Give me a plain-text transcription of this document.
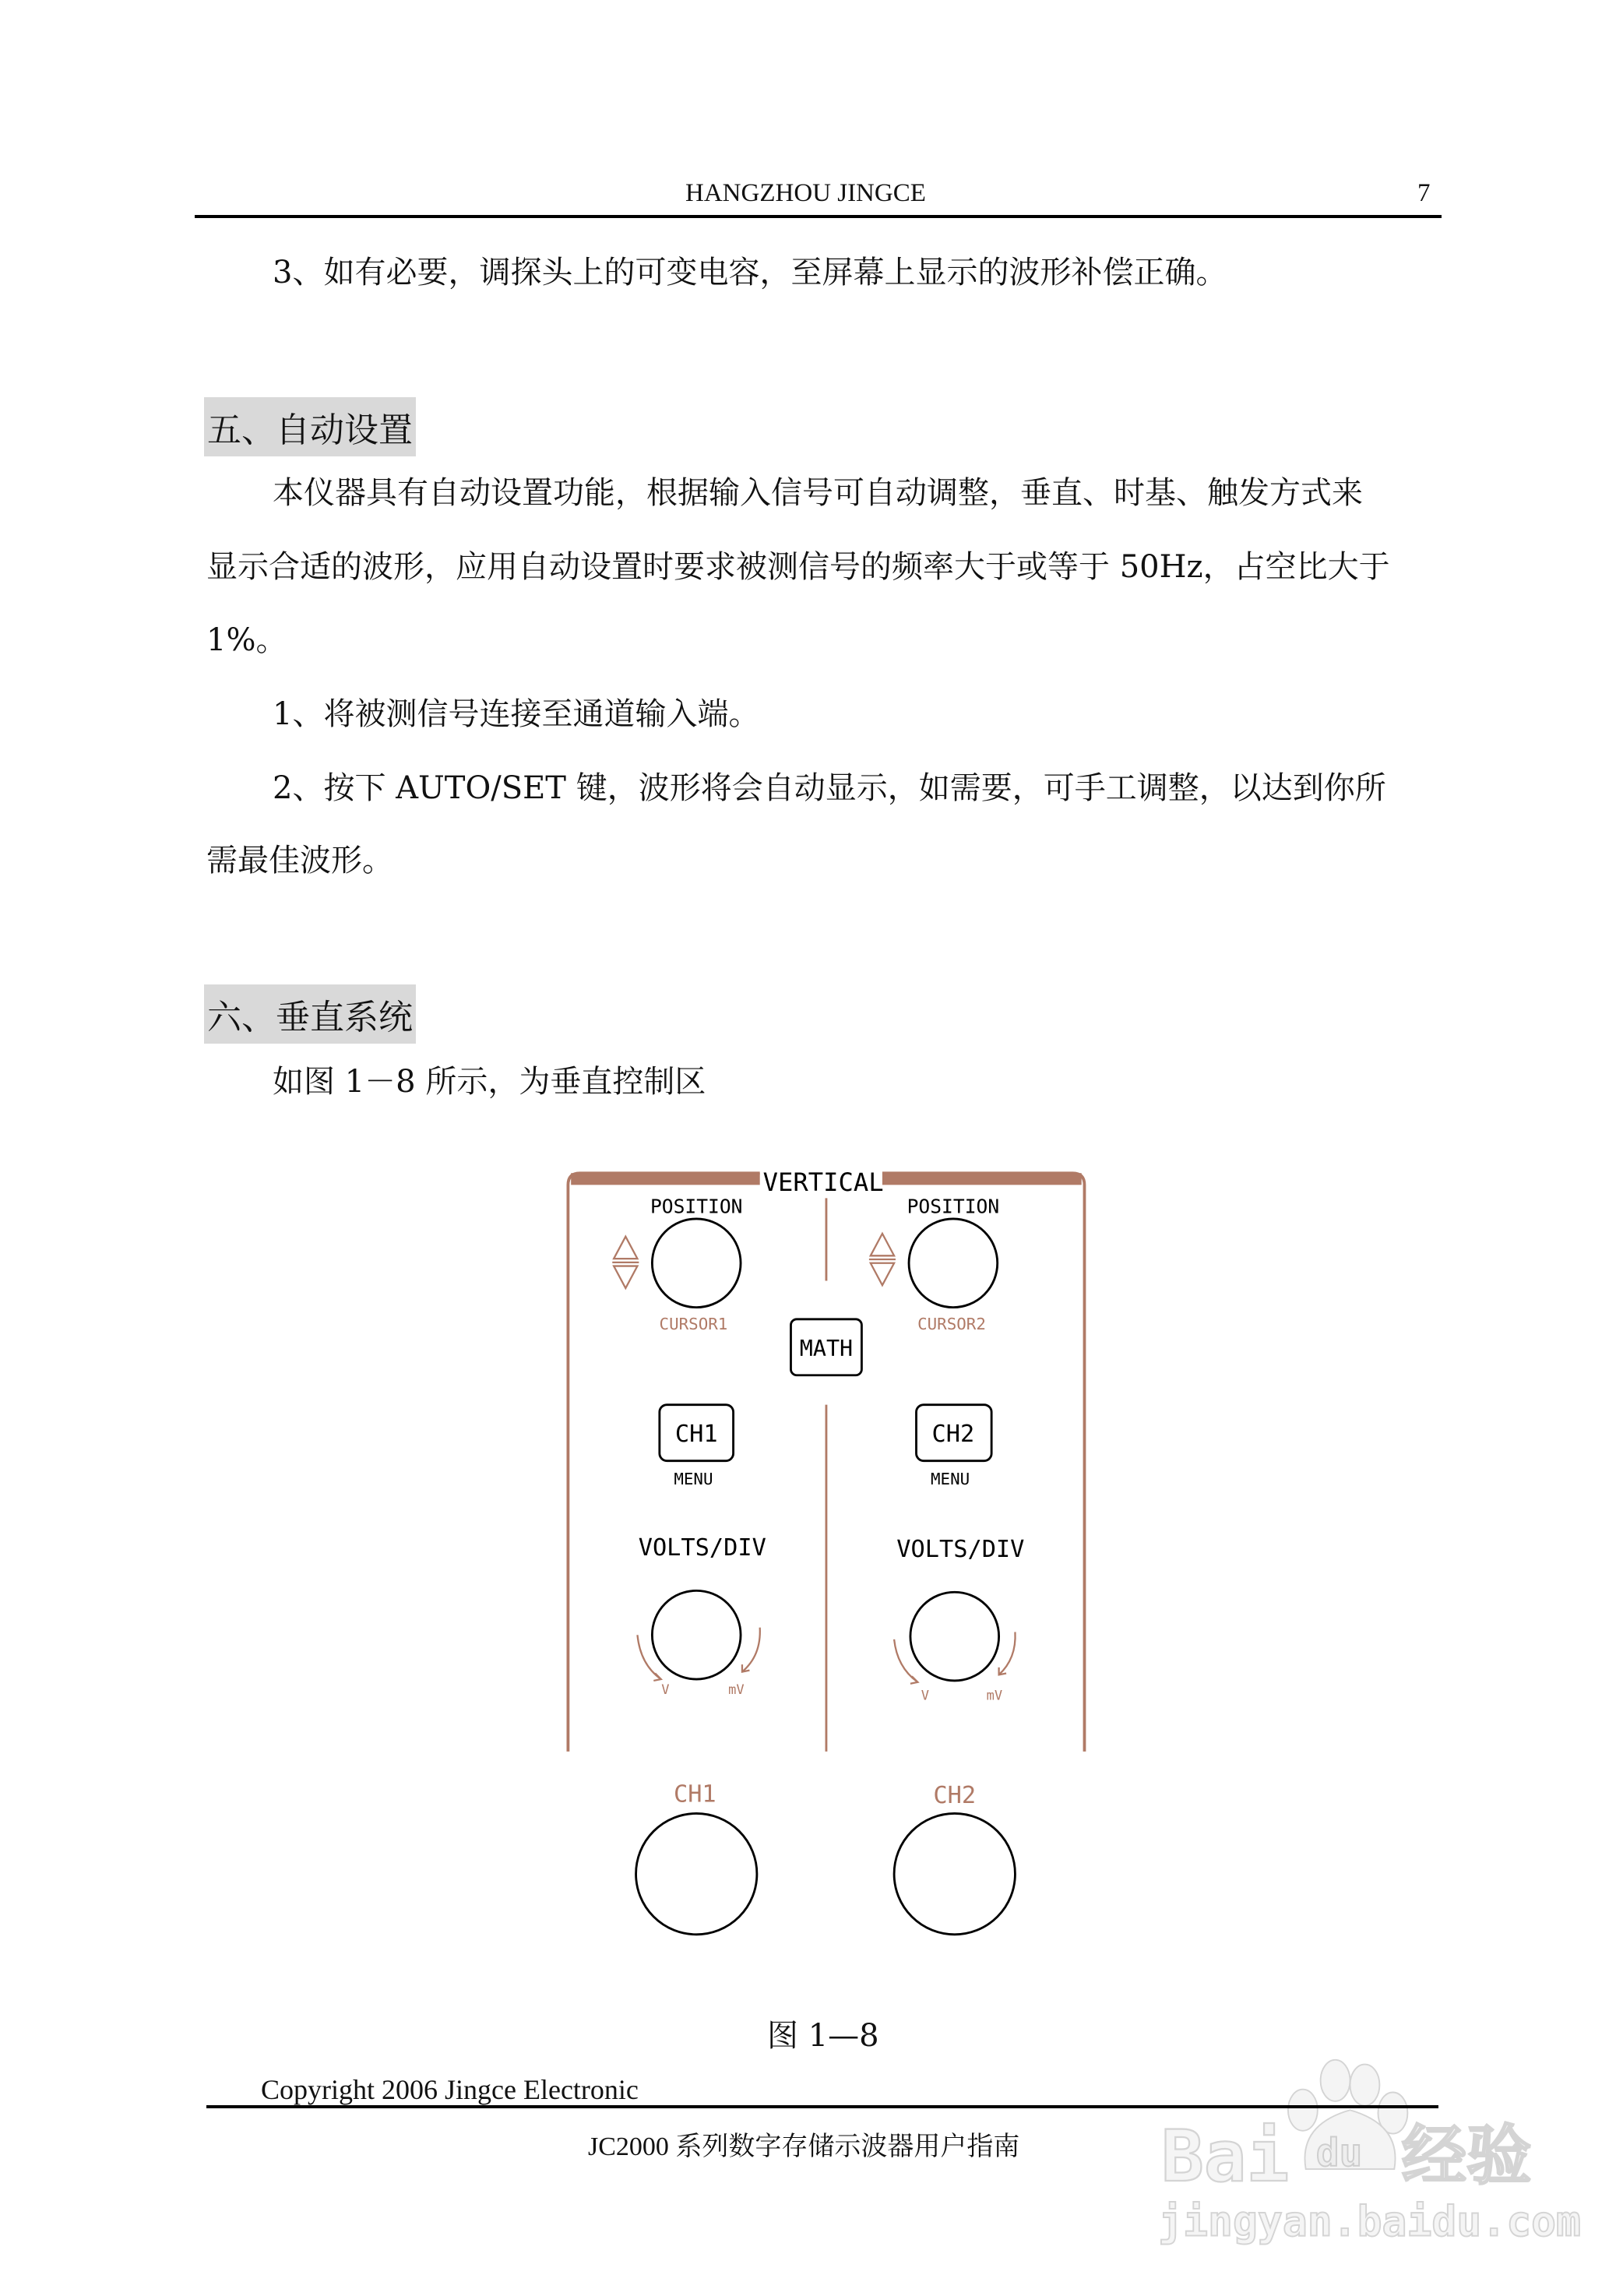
HANGZHOU JINGCE	7
3、如有必要，调探头上的可变电容，至屏幕上显示的波形补偿正确。
五、自动设置
本仪器具有自动设置功能，根据输入信号可自动调整，垂直、时基、触发方式来
显示合适的波形，应用自动设置时要求被测信号的频率大于或等于 50Hz，占空比大于
1%。
1、将被测信号连接至通道输入端。
2、按下 AUTO/SET 键，波形将会自动显示，如需要，可手工调整，以达到你所
需最佳波形。
六、垂直系统
如图 1－8 所示，为垂直控制区
VERTICAL
POSITION	POSITION
CURSOR1	CURSOR2
MATH
CH1	CH2
MENU	MENU
VOLTS/DIV	VOLTS/DIV
V	mV	V	mV
CH1	CH2
Bai du 经验
jingyan.baidu.com
图 1—8
Copyright 2006 Jingce Electronic
JC2000 系列数字存储示波器用户指南
